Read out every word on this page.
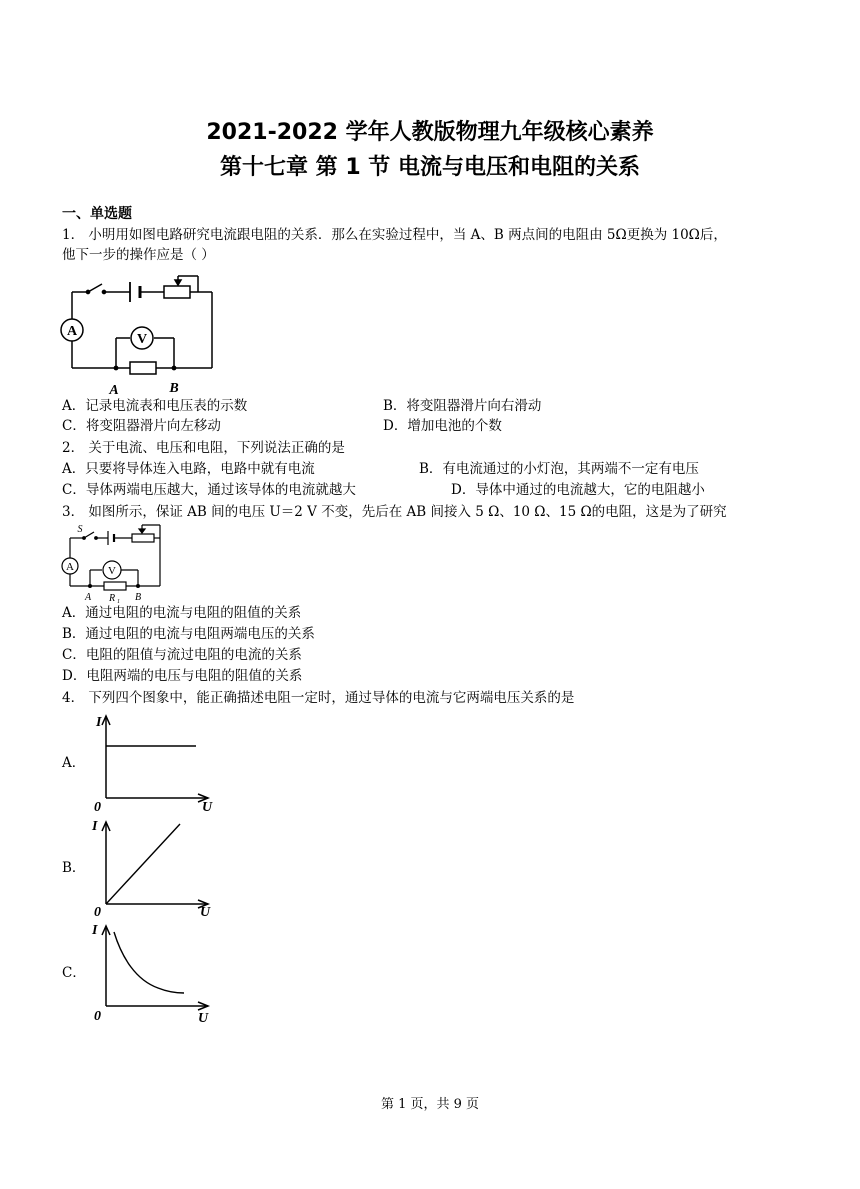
2021-2022 学年人教版物理九年级核心素养
第十七章 第 1 节 电流与电压和电阻的关系
一、单选题
1． 小明用如图电路研究电流跟电阻的关系．那么在实验过程中，当 A、B 两点间的电阻由 5Ω更换为 10Ω后，
他下一步的操作应是（ ）
A
V
A	B
A．记录电流表和电压表的示数	B．将变阻器滑片向右滑动
C．将变阻器滑片向左移动	D．增加电池的个数
2． 关于电流、电压和电阻，下列说法正确的是
A．只要将导体连入电路，电路中就有电流	B．有电流通过的小灯泡，其两端不一定有电压
C．导体两端电压越大，通过该导体的电流就越大	D．导体中通过的电流越大，它的电阻越小
3． 如图所示，保证 AB 间的电压 U＝2 V 不变，先后在 AB 间接入 5 Ω、10 Ω、15 Ω的电阻，这是为了研究
S
A	V
A R 1 B
A．通过电阻的电流与电阻的阻值的关系
B．通过电阻的电流与电阻两端电压的关系
C．电阻的阻值与流过电阻的电流的关系
D．电阻两端的电压与电阻的阻值的关系
4． 下列四个图象中，能正确描述电阻一定时，通过导体的电流与它两端电压关系的是
A．
I
0	U
B．
I
0	U
C．
I
0	U
第 1 页，共 9 页
